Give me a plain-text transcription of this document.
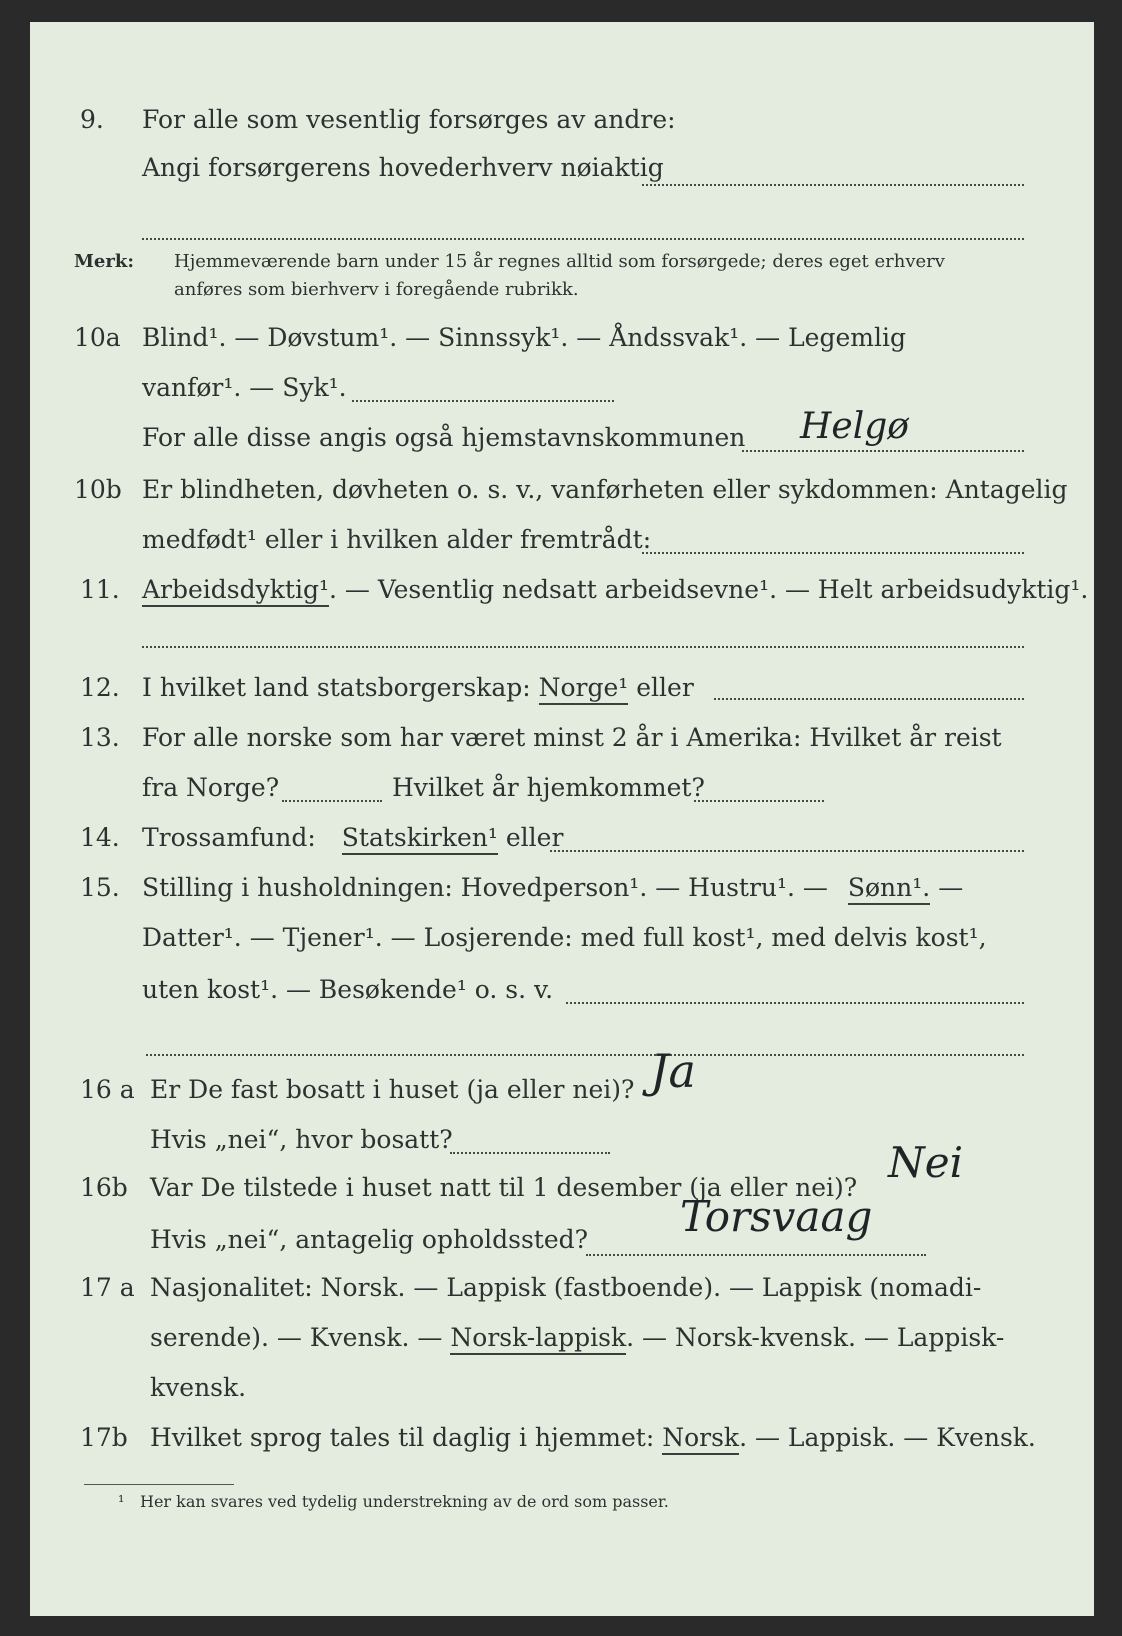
9.	For alle som vesentlig forsørges av andre:
Angi forsørgerens hovederhverv nøiaktig
Merk:	Hjemmeværende barn under 15 år regnes alltid som forsørgede; deres eget erhverv
anføres som bierhverv i foregående rubrikk.
10a Blind¹. — Døvstum¹. — Sinnssyk¹. — Åndssvak¹. — Legemlig
vanfør¹. — Syk¹.
For alle disse angis også hjemstavnskommunen Helgø
10b Er blindheten, døvheten o. s. v., vanførheten eller sykdommen: Antagelig
medfødt¹ eller i hvilken alder fremtrådt:
11. Arbeidsdyktig¹. — Vesentlig nedsatt arbeidsevne¹. — Helt arbeidsudyktig¹.
12. I hvilket land statsborgerskap: Norge¹ eller
13. For alle norske som har været minst 2 år i Amerika: Hvilket år reist
fra Norge?	Hvilket år hjemkommet?
14. Trossamfund: Statskirken¹ eller
15. Stilling i husholdningen: Hovedperson¹. — Hustru¹. — Sønn¹. —
Datter¹. — Tjener¹. — Losjerende: med full kost¹, med delvis kost¹,
uten kost¹. — Besøkende¹ o. s. v.
16 a Er De fast bosatt i huset (ja eller nei)? Ja
Hvis „nei“, hvor bosatt?
16b Var De tilstede i huset natt til 1 desember (ja eller nei)?
Nei
Hvis „nei“, antagelig opholdssted? Torsvaag
17 a Nasjonalitet: Norsk. — Lappisk (fastboende). — Lappisk (nomadi-
serende). — Kvensk. — Norsk-lappisk. — Norsk-kvensk. — Lappisk-
kvensk.
17b Hvilket sprog tales til daglig i hjemmet: Norsk. — Lappisk. — Kvensk.
¹ Her kan svares ved tydelig understrekning av de ord som passer.
